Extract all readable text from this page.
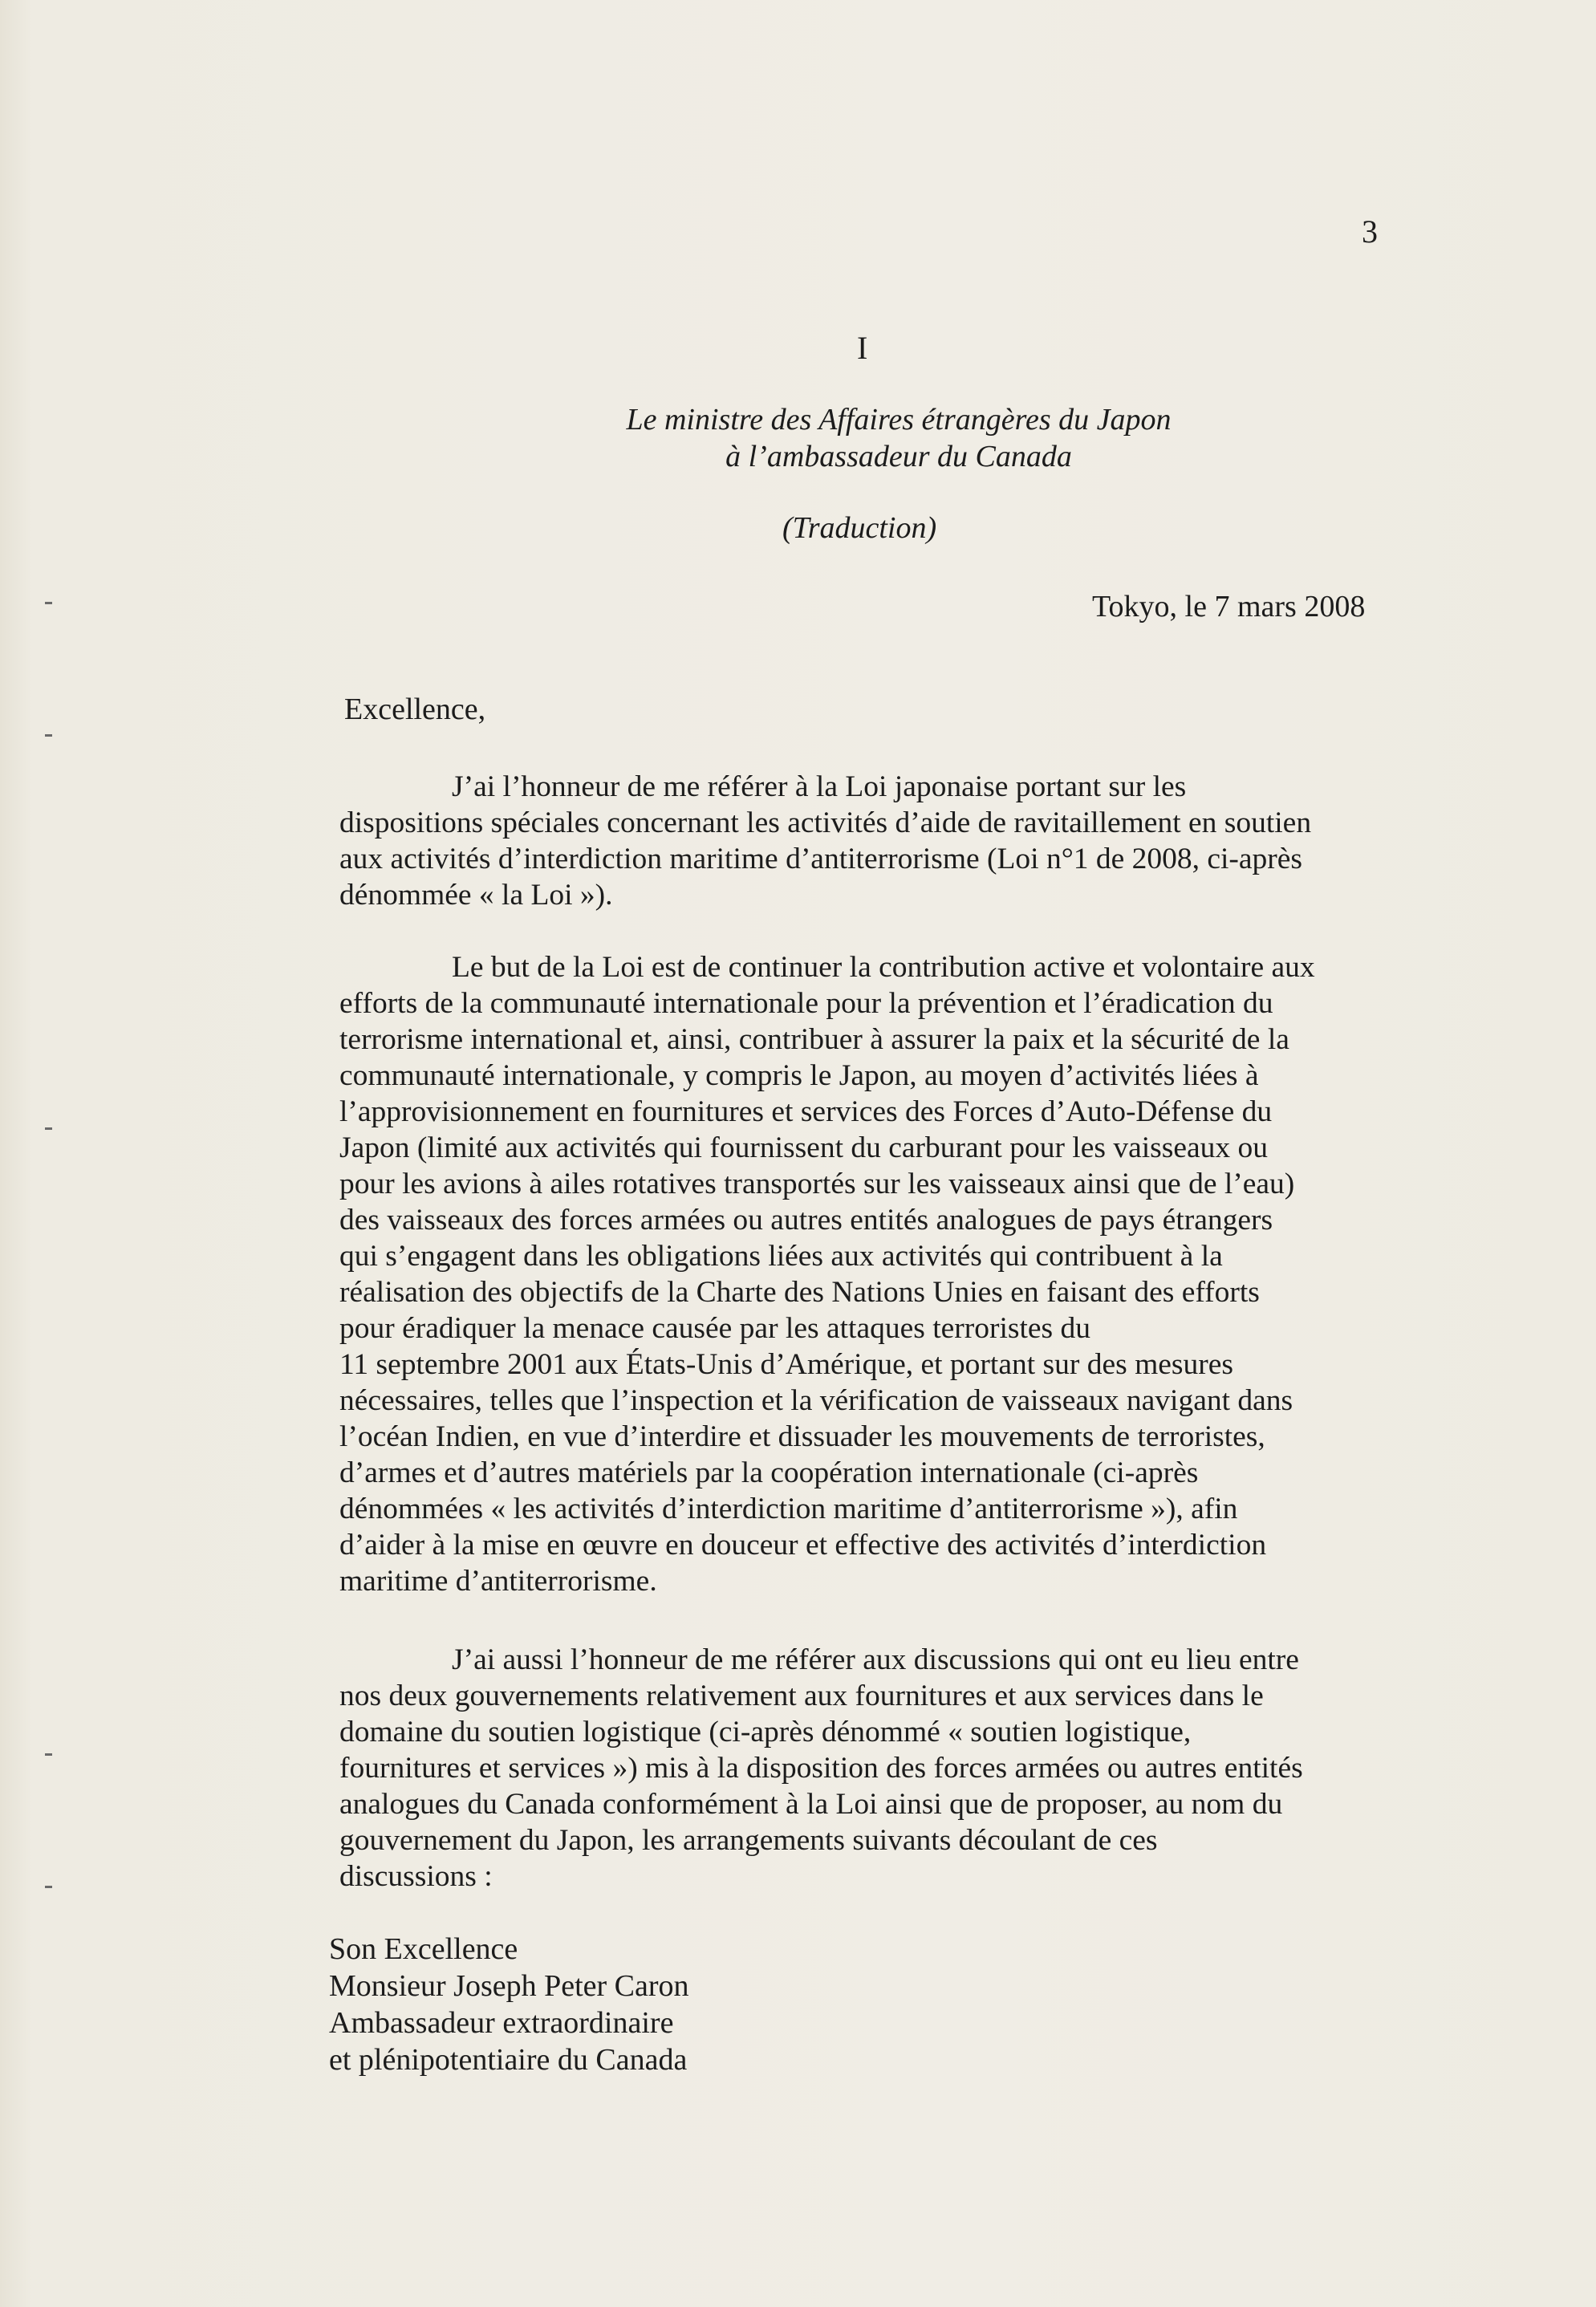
3
I
Le ministre des Affaires étrangères du Japon
à l’ambassadeur du Canada
(Traduction)
Tokyo, le 7 mars 2008
Excellence,
J’ai l’honneur de me référer à la Loi japonaise portant sur les
dispositions spéciales concernant les activités d’aide de ravitaillement en soutien
aux activités d’interdiction maritime d’antiterrorisme (Loi n°1 de 2008, ci-après
dénommée « la Loi »).
Le but de la Loi est de continuer la contribution active et volontaire aux
efforts de la communauté internationale pour la prévention et l’éradication du
terrorisme international et, ainsi, contribuer à assurer la paix et la sécurité de la
communauté internationale, y compris le Japon, au moyen d’activités liées à
l’approvisionnement en fournitures et services des Forces d’Auto-Défense du
Japon (limité aux activités qui fournissent du carburant pour les vaisseaux ou
pour les avions à ailes rotatives transportés sur les vaisseaux ainsi que de l’eau)
des vaisseaux des forces armées ou autres entités analogues de pays étrangers
qui s’engagent dans les obligations liées aux activités qui contribuent à la
réalisation des objectifs de la Charte des Nations Unies en faisant des efforts
pour éradiquer la menace causée par les attaques terroristes du
11 septembre 2001 aux États-Unis d’Amérique, et portant sur des mesures
nécessaires, telles que l’inspection et la vérification de vaisseaux navigant dans
l’océan Indien, en vue d’interdire et dissuader les mouvements de terroristes,
d’armes et d’autres matériels par la coopération internationale (ci-après
dénommées « les activités d’interdiction maritime d’antiterrorisme »), afin
d’aider à la mise en œuvre en douceur et effective des activités d’interdiction
maritime d’antiterrorisme.
J’ai aussi l’honneur de me référer aux discussions qui ont eu lieu entre
nos deux gouvernements relativement aux fournitures et aux services dans le
domaine du soutien logistique (ci-après dénommé « soutien logistique,
fournitures et services ») mis à la disposition des forces armées ou autres entités
analogues du Canada conformément à la Loi ainsi que de proposer, au nom du
gouvernement du Japon, les arrangements suivants découlant de ces
discussions :
Son Excellence
Monsieur Joseph Peter Caron
Ambassadeur extraordinaire
et plénipotentiaire du Canada
